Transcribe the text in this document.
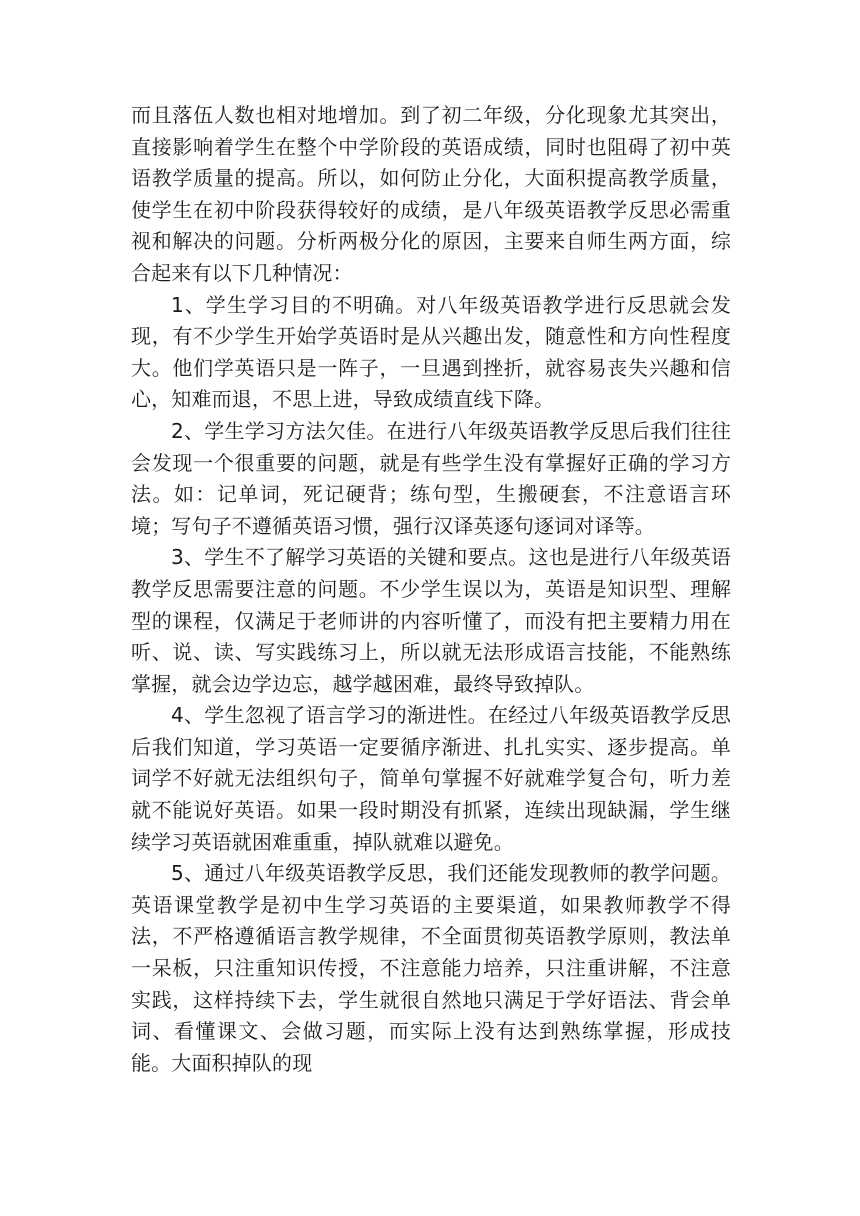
而且落伍人数也相对地增加。到了初二年级，分化现象尤其突出，直接影响着学生在整个中学阶段的英语成绩，同时也阻碍了初中英语教学质量的提高。所以，如何防止分化，大面积提高教学质量，使学生在初中阶段获得较好的成绩，是八年级英语教学反思必需重视和解决的问题。分析两极分化的原因，主要来自师生两方面，综合起来有以下几种情况：

1、学生学习目的不明确。对八年级英语教学进行反思就会发现，有不少学生开始学英语时是从兴趣出发，随意性和方向性程度大。他们学英语只是一阵子，一旦遇到挫折，就容易丧失兴趣和信心，知难而退，不思上进，导致成绩直线下降。

2、学生学习方法欠佳。在进行八年级英语教学反思后我们往往会发现一个很重要的问题，就是有些学生没有掌握好正确的学习方法。如：记单词，死记硬背；练句型，生搬硬套，不注意语言环境；写句子不遵循英语习惯，强行汉译英逐句逐词对译等。

3、学生不了解学习英语的关键和要点。这也是进行八年级英语教学反思需要注意的问题。不少学生误以为，英语是知识型、理解型的课程，仅满足于老师讲的内容听懂了，而没有把主要精力用在听、说、读、写实践练习上，所以就无法形成语言技能，不能熟练掌握，就会边学边忘，越学越困难，最终导致掉队。

4、学生忽视了语言学习的渐进性。在经过八年级英语教学反思后我们知道，学习英语一定要循序渐进、扎扎实实、逐步提高。单词学不好就无法组织句子，简单句掌握不好就难学复合句，听力差就不能说好英语。如果一段时期没有抓紧，连续出现缺漏，学生继续学习英语就困难重重，掉队就难以避免。

5、通过八年级英语教学反思，我们还能发现教师的教学问题。英语课堂教学是初中生学习英语的主要渠道，如果教师教学不得法，不严格遵循语言教学规律，不全面贯彻英语教学原则，教法单一呆板，只注重知识传授，不注意能力培养，只注重讲解，不注意实践，这样持续下去，学生就很自然地只满足于学好语法、背会单词、看懂课文、会做习题，而实际上没有达到熟练掌握，形成技能。大面积掉队的现
